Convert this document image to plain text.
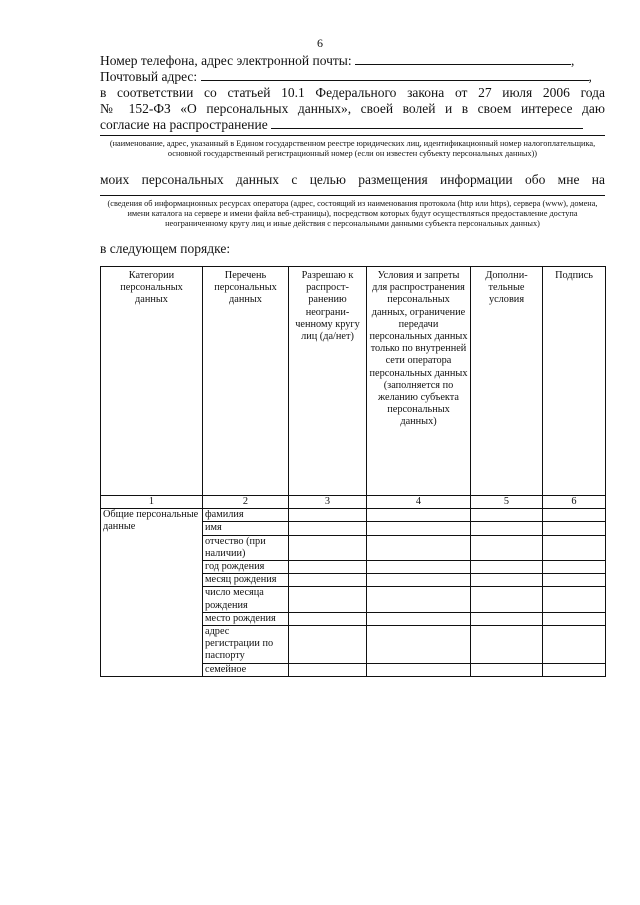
6
Номер телефона, адрес электронной почты:	,
Почтовый адрес:	,
в соответствии со статьей 10.1 Федерального закона от 27 июля 2006 года
№ 152-ФЗ «О персональных данных», своей волей и в своем интересе даю
согласие на распространение
(наименование, адрес, указанный в Едином государственном реестре юридических лиц, идентификационный номер налогоплательщика, основной государственный регистрационный номер (если он известен субъекту персональных данных))
моих персональных данных с целью размещения информации обо мне на
(сведения об информационных ресурсах оператора (адрес, состоящий из наименования протокола (http или https), сервера (www), домена, имени каталога на сервере и имени файла веб-страницы), посредством которых будут осуществляться предоставление доступа неограниченному кругу лиц и иные действия с персональными данными субъекта персональных данных)
в следующем порядке:
Категории персональных данных	Перечень персональных данных	Разрешаю к распрост-ранению неограни-ченному кругу лиц (да/нет)	Условия и запреты для распространения персональных данных, ограничение передачи персональных данных только по внутренней сети оператора персональных данных (заполняется по желанию субъекта персональных данных)	Дополни-тельные условия	Подпись
1	2	3	4	5	6
Общие персональные данные	фамилия				
	имя				
	отчество (при наличии)				
	год рождения				
	месяц рождения				
	число месяца рождения				
	место рождения				
	адрес регистрации по паспорту				
	семейное				
